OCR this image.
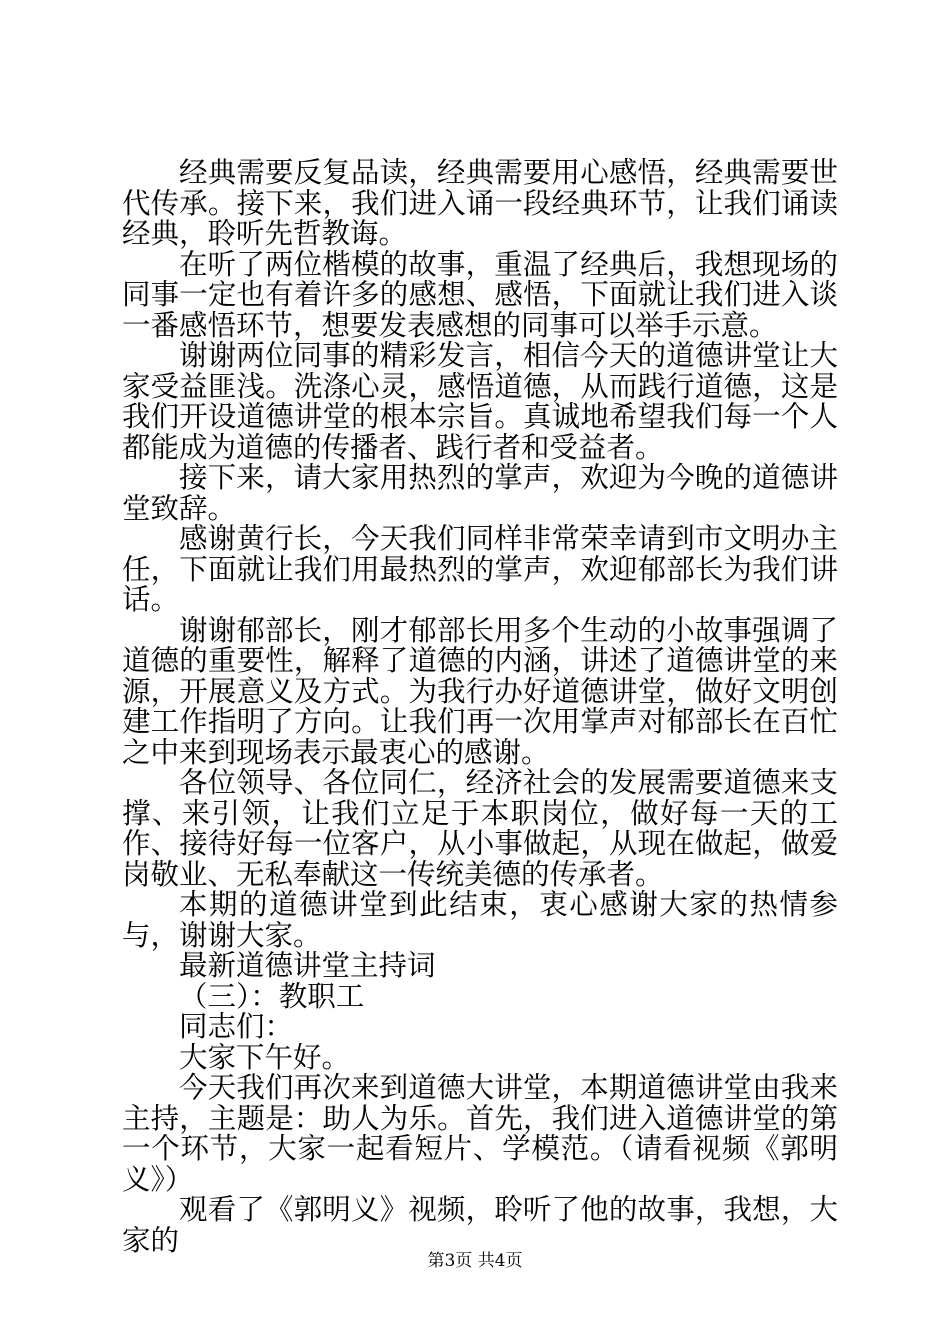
经典需要反复品读，经典需要用心感悟，经典需要世代传承。接下来，我们进入诵一段经典环节，让我们诵读经典，聆听先哲教诲。

在听了两位楷模的故事，重温了经典后，我想现场的同事一定也有着许多的感想、感悟，下面就让我们进入谈一番感悟环节，想要发表感想的同事可以举手示意。

谢谢两位同事的精彩发言，相信今天的道德讲堂让大家受益匪浅。洗涤心灵，感悟道德，从而践行道德，这是我们开设道德讲堂的根本宗旨。真诚地希望我们每一个人都能成为道德的传播者、践行者和受益者。

接下来，请大家用热烈的掌声，欢迎为今晚的道德讲堂致辞。

感谢黄行长，今天我们同样非常荣幸请到市文明办主任，下面就让我们用最热烈的掌声，欢迎郁部长为我们讲话。

谢谢郁部长，刚才郁部长用多个生动的小故事强调了道德的重要性，解释了道德的内涵，讲述了道德讲堂的来源，开展意义及方式。为我行办好道德讲堂，做好文明创建工作指明了方向。让我们再一次用掌声对郁部长在百忙之中来到现场表示最衷心的感谢。

各位领导、各位同仁，经济社会的发展需要道德来支撑、来引领，让我们立足于本职岗位，做好每一天的工作、接待好每一位客户，从小事做起，从现在做起，做爱岗敬业、无私奉献这一传统美德的传承者。

本期的道德讲堂到此结束，衷心感谢大家的热情参与，谢谢大家。

最新道德讲堂主持词

（三）：教职工

同志们：

大家下午好。

今天我们再次来到道德大讲堂，本期道德讲堂由我来主持，主题是：助人为乐。首先，我们进入道德讲堂的第一个环节，大家一起看短片、学模范。（请看视频《郭明义》）

观看了《郭明义》视频，聆听了他的故事，我想，大家的

第3页 共4页
